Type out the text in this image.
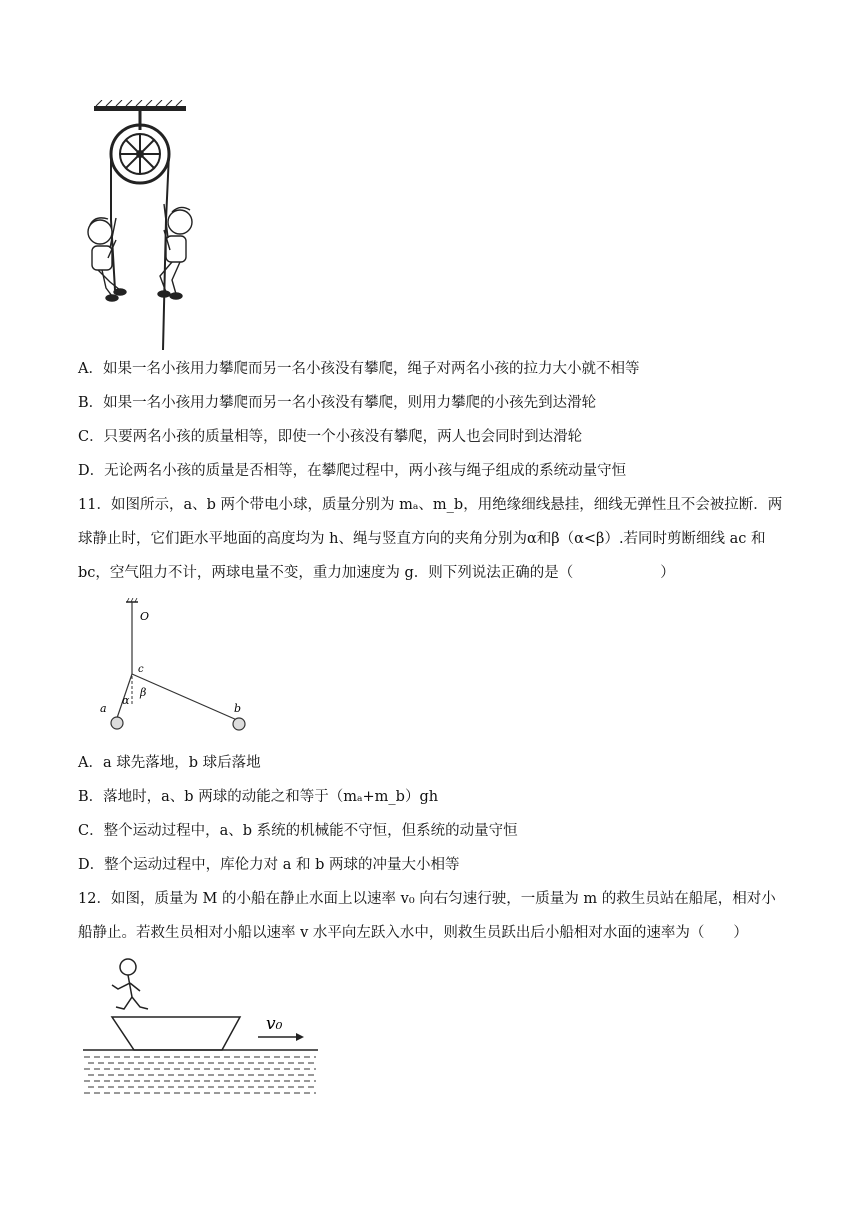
A．如果一名小孩用力攀爬而另一名小孩没有攀爬，绳子对两名小孩的拉力大小就不相等
B．如果一名小孩用力攀爬而另一名小孩没有攀爬，则用力攀爬的小孩先到达滑轮
C．只要两名小孩的质量相等，即使一个小孩没有攀爬，两人也会同时到达滑轮
D．无论两名小孩的质量是否相等，在攀爬过程中，两小孩与绳子组成的系统动量守恒
11．如图所示，a、b 两个带电小球，质量分别为 mₐ、m_b，用绝缘细线悬挂，细线无弹性且不会被拉断．两
球静止时，它们距水平地面的高度均为 h、绳与竖直方向的夹角分别为α和β（α<β）.若同时剪断细线 ac 和
bc，空气阻力不计，两球电量不变，重力加速度为 g．则下列说法正确的是（　　　　　　）
O
c
α
β
a	b
A．a 球先落地，b 球后落地
B．落地时，a、b 两球的动能之和等于（mₐ+m_b）gh
C．整个运动过程中，a、b 系统的机械能不守恒，但系统的动量守恒
D．整个运动过程中，库伦力对 a 和 b 两球的冲量大小相等
12．如图，质量为 M 的小船在静止水面上以速率 v₀ 向右匀速行驶，一质量为 m 的救生员站在船尾，相对小
船静止。若救生员相对小船以速率 v 水平向左跃入水中，则救生员跃出后小船相对水面的速率为（　　）
v₀
